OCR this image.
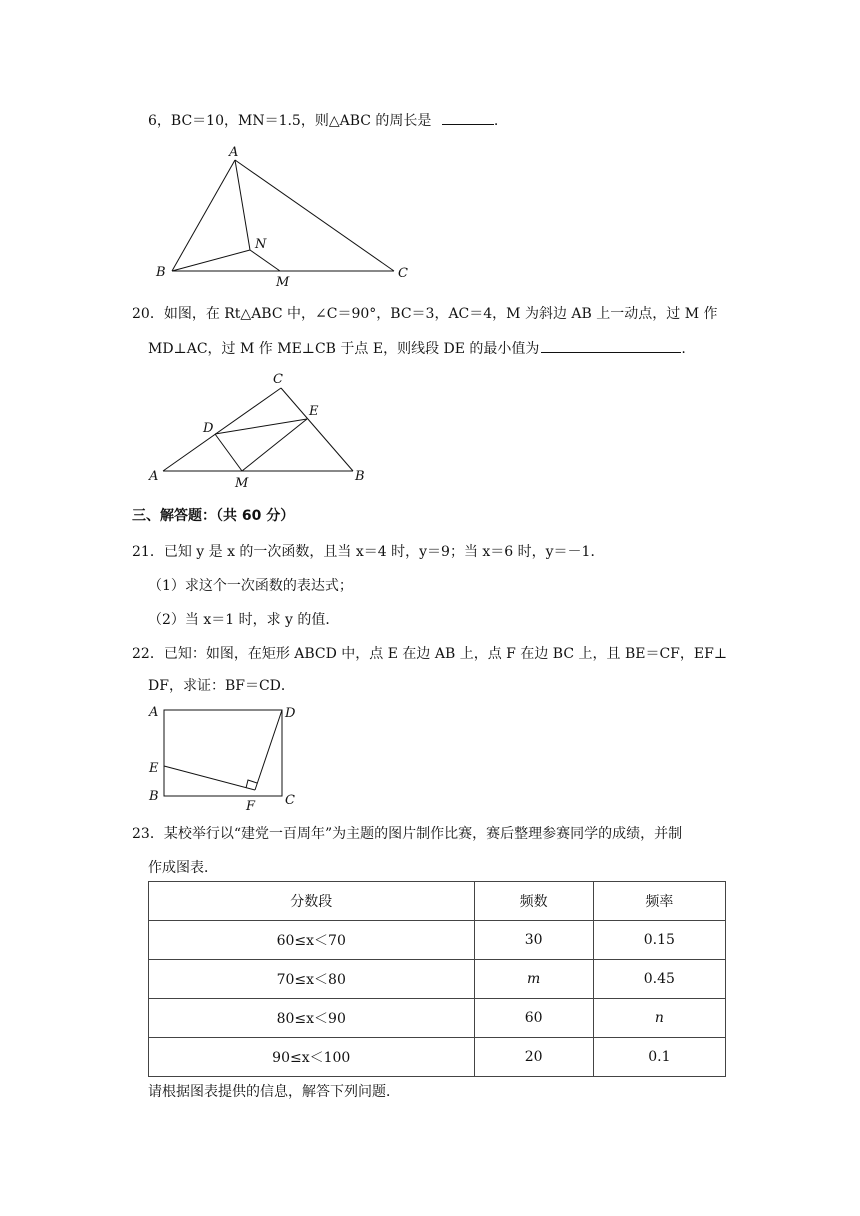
6，BC＝10，MN＝1.5，则△ABC 的周长是	.
A
B	C
N
M
20．如图，在 Rt△ABC 中，∠C＝90°，BC＝3，AC＝4，M 为斜边 AB 上一动点，过 M 作
MD⊥AC，过 M 作 ME⊥CB 于点 E，则线段 DE 的最小值为	.
C
D
E
A	M	B
三、解答题：（共 60 分）
21．已知 y 是 x 的一次函数，且当 x＝4 时，y＝9；当 x＝6 时，y＝－1．
（1）求这个一次函数的表达式；
（2）当 x＝1 时，求 y 的值．
22．已知：如图，在矩形 ABCD 中，点 E 在边 AB 上，点 F 在边 BC 上，且 BE＝CF，EF⊥
DF，求证：BF＝CD．
A	D
E
B
F C
23．某校举行以“建党一百周年”为主题的图片制作比赛，赛后整理参赛同学的成绩，并制
作成图表．
分数段	频数	频率
60≤x＜70	30	0.15
70≤x＜80	m	0.45
80≤x＜90	60	n
90≤x＜100	20	0.1
请根据图表提供的信息，解答下列问题．
